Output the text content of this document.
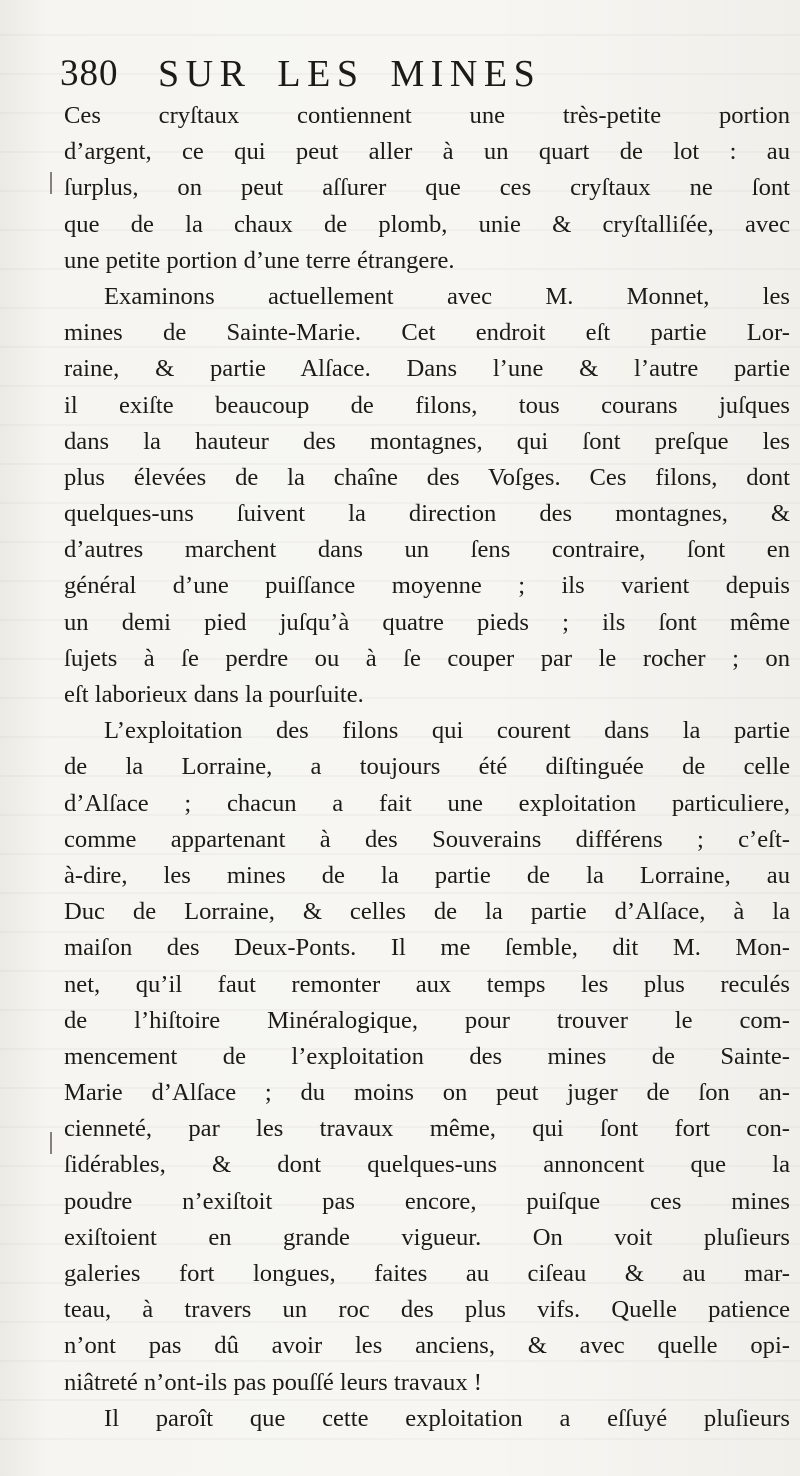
380 SUR LES MINES
Ces cryſtaux contiennent une très-petite portion
d’argent, ce qui peut aller à un quart de lot : au
ſurplus, on peut aſſurer que ces cryſtaux ne ſont
que de la chaux de plomb, unie & cryſtalliſée, avec
une petite portion d’une terre étrangere.
Examinons actuellement avec M. Monnet, les
mines de Sainte-Marie. Cet endroit eſt partie Lor-
raine, & partie Alſace. Dans l’une & l’autre partie
il exiſte beaucoup de filons, tous courans juſques
dans la hauteur des montagnes, qui ſont preſque les
plus élevées de la chaîne des Voſges. Ces filons, dont
quelques-uns ſuivent la direction des montagnes, &
d’autres marchent dans un ſens contraire, ſont en
général d’une puiſſance moyenne ; ils varient depuis
un demi pied juſqu’à quatre pieds ; ils ſont même
ſujets à ſe perdre ou à ſe couper par le rocher ; on
eſt laborieux dans la pourſuite.
L’exploitation des filons qui courent dans la partie
de la Lorraine, a toujours été diſtinguée de celle
d’Alſace ; chacun a fait une exploitation particuliere,
comme appartenant à des Souverains différens ; c’eſt-
à-dire, les mines de la partie de la Lorraine, au
Duc de Lorraine, & celles de la partie d’Alſace, à la
maiſon des Deux-Ponts. Il me ſemble, dit M. Mon-
net, qu’il faut remonter aux temps les plus reculés
de l’hiſtoire Minéralogique, pour trouver le com-
mencement de l’exploitation des mines de Sainte-
Marie d’Alſace ; du moins on peut juger de ſon an-
cienneté, par les travaux même, qui ſont fort con-
ſidérables, & dont quelques-uns annoncent que la
poudre n’exiſtoit pas encore, puiſque ces mines
exiſtoient en grande vigueur. On voit pluſieurs
galeries fort longues, faites au ciſeau & au mar-
teau, à travers un roc des plus vifs. Quelle patience
n’ont pas dû avoir les anciens, & avec quelle opi-
niâtreté n’ont-ils pas pouſſé leurs travaux !
Il paroît que cette exploitation a eſſuyé pluſieurs
